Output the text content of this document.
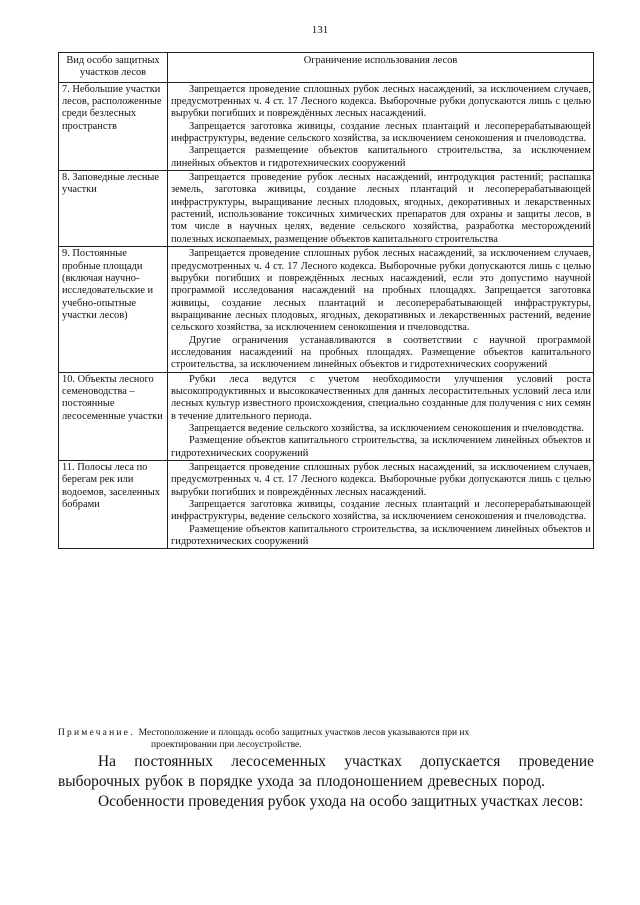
131
Вид особо защитных участков лесов	Ограничение использования лесов
7. Небольшие участки лесов, расположенные среди безлесных пространств	Запрещается проведение сплошных рубок лесных насаждений, за исключением случаев, предусмотренных ч. 4 ст. 17 Лесного кодекса. Выборочные рубки допускаются лишь с целью вырубки погибших и повреждённых лесных насаждений.

Запрещается заготовка живицы, создание лесных плантаций и лесоперерабатывающей инфраструктуры, ведение сельского хозяйства, за исключением сенокошения и пчеловодства.

Запрещается размещение объектов капитального строительства, за исключением линейных объектов и гидротехнических сооружений

8. Заповедные лесные участки	Запрещается проведение рубок лесных насаждений, интродукция растений; распашка земель, заготовка живицы, создание лесных плантаций и лесоперерабатывающей инфраструктуры, выращивание лесных плодовых, ягодных, декоративных и лекарственных растений, использование токсичных химических препаратов для охраны и защиты лесов, в том числе в научных целях, ведение сельского хозяйства, разработка месторождений полезных ископаемых, размещение объектов капитального строительства

9. Постоянные пробные площади (включая научно-исследовательские и учебно-опытные участки лесов)	Запрещается проведение сплошных рубок лесных насаждений, за исключением случаев, предусмотренных ч. 4 ст. 17 Лесного кодекса. Выборочные рубки допускаются лишь с целью вырубки погибших и повреждённых лесных насаждений, если это допустимо научной программой исследования насаждений на пробных площадях. Запрещается заготовка живицы, создание лесных плантаций и лесоперерабатывающей инфраструктуры, выращивание лесных плодовых, ягодных, декоративных и лекарственных растений, ведение сельского хозяйства, за исключением сенокошения и пчеловодства.

Другие ограничения устанавливаются в соответствии с научной программой исследования насаждений на пробных площадях. Размещение объектов капитального строительства, за исключением линейных объектов и гидротехнических сооружений

10. Объекты лесного семеноводства – постоянные лесосеменные участки	Рубки леса ведутся с учетом необходимости улучшения условий роста высокопродуктивных и высококачественных для данных лесорастительных условий леса или лесных культур известного происхождения, специально созданные для получения с них семян в течение длительного периода.

Запрещается ведение сельского хозяйства, за исключением сенокошения и пчеловодства.

Размещение объектов капитального строительства, за исключением линейных объектов и гидротехнических сооружений

11. Полосы леса по берегам рек или водоемов, заселенных бобрами	Запрещается проведение сплошных рубок лесных насаждений, за исключением случаев, предусмотренных ч. 4 ст. 17 Лесного кодекса. Выборочные рубки допускаются лишь с целью вырубки погибших и повреждённых лесных насаждений.

Запрещается заготовка живицы, создание лесных плантаций и лесоперерабатывающей инфраструктуры, ведение сельского хозяйства, за исключением сенокошения и пчеловодства.

Размещение объектов капитального строительства, за исключением линейных объектов и гидротехнических сооружений

Примечание. Местоположение и площадь особо защитных участков лесов указываются при их
проектировании при лесоустройстве.
На постоянных лесосеменных участках допускается проведение выборочных рубок в порядке ухода за плодоношением древесных пород.
Особенности проведения рубок ухода на особо защитных участках лесов:
